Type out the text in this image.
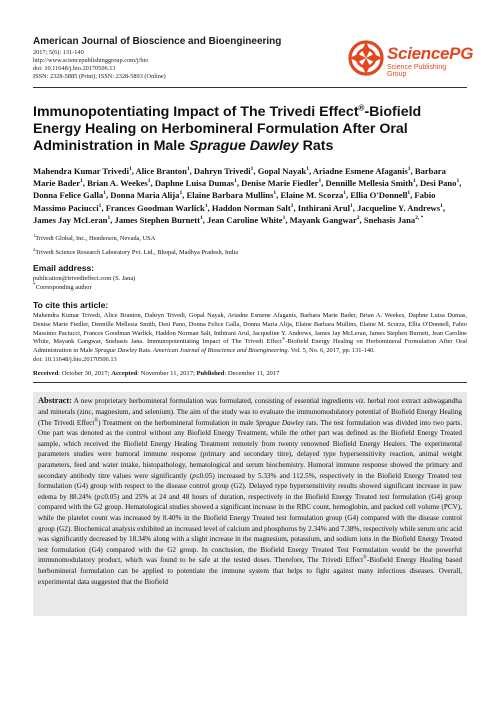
American Journal of Bioscience and Bioengineering
2017; 5(6): 131-140
http://www.sciencepublishinggroup.com/j/bio
doi: 10.11648/j.bio.20170506.13
ISSN: 2328-5885 (Print); ISSN: 2328-5893 (Online)
SciencePG
Science Publishing Group
Immunopotentiating Impact of The Trivedi Effect®-Biofield Energy Healing on Herbomineral Formulation After Oral Administration in Male Sprague Dawley Rats
Mahendra Kumar Trivedi$^1$, Alice Branton$^1$, Dahryn Trivedi$^1$, Gopal Nayak$^1$, Ariadne Esmene Afaganis$^1$, Barbara Marie Bader$^1$, Brian A. Weekes$^1$, Daphne Luisa Dumas$^1$, Denise Marie Fiedler$^1$, Dennille Mellesia Smith$^1$, Desi Pano$^1$, Donna Felice Galla$^1$, Donna Maria Alija$^1$, Elaine Barbara Mullins$^1$, Elaine M. Scorza$^1$, Ellia O'Donnell$^1$, Fabio Massimo Paciucci$^1$, Frances Goodman Warlick$^1$, Haddon Norman Salt$^1$, Inthirani Arul$^1$, Jacqueline Y. Andrews$^1$, James Jay McLeran$^1$, James Stephen Burnett$^1$, Jean Caroline White$^1$, Mayank Gangwar$^2$, Snehasis Jana$^{2, *}$
$^1$Trivedi Global, Inc., Henderson, Nevada, USA
$^2$Trivedi Science Research Laboratory Pvt. Ltd., Bhopal, Madhya Pradesh, India
Email address:
publication@trivedieffect.com (S. Jana)
*Corresponding author
To cite this article:
Mahendra Kumar Trivedi, Alice Branton, Dahryn Trivedi, Gopal Nayak, Ariadne Esmene Afaganis, Barbara Marie Bader, Brian A. Weekes, Daphne Luisa Dumas, Denise Marie Fiedler, Dennille Mellesia Smith, Desi Pano, Donna Felice Galla, Donna Maria Alija, Elaine Barbara Mullins, Elaine M. Scorza, Ellia O'Donnell, Fabio Massimo Paciucci, Frances Goodman Warlick, Haddon Norman Salt, Inthirani Arul, Jacqueline Y. Andrews, James Jay McLeran, James Stephen Burnett, Jean Caroline White, Mayank Gangwar, Snehasis Jana. Immunopotentiating Impact of The Trivedi Effect®-Biofield Energy Healing on Herbomineral Formulation After Oral Administration in Male Sprague Dawley Rats. American Journal of Bioscience and Bioengineering. Vol. 5, No. 6, 2017, pp. 131-140.
doi: 10.11648/j.bio.20170506.13
Received: October 30, 2017; Accepted: November 11, 2017; Published: December 11, 2017
Abstract: A new proprietary herbomineral formulation was formulated, consisting of essential ingredients viz. herbal root extract ashwagandha and minerals (zinc, magnesium, and selenium). The aim of the study was to evaluate the immunomodulatory potential of Biofield Energy Healing (The Trivedi Effect®) Treatment on the herbomineral formulation in male Sprague Dawley rats. The test formulation was divided into two parts. One part was denoted as the control without any Biofield Energy Treatment, while the other part was defined as the Biofield Energy Treated sample, which received the Biofield Energy Healing Treatment remotely from twenty renowned Biofield Energy Healers. The experimental parameters studies were humoral immune response (primary and secondary titre), delayed type hypersensitivity reaction, animal weight parameters, feed and water intake, histopathology, hematological and serum biochemistry. Humoral immune response showed the primary and secondary antibody titre values were significantly (p≤0.05) increased by 5.33% and 112.5%, respectively in the Biofield Energy Treated test formulation (G4) group with respect to the disease control group (G2). Delayed type hypersensitivity results showed significant increase in paw edema by 88.24% (p≤0.05) and 25% at 24 and 48 hours of duration, respectively in the Biofield Energy Treated test formulation (G4) group compared with the G2 group. Hematological studies showed a significant increase in the RBC count, hemoglobin, and packed cell volume (PCV), while the platelet count was increased by 8.40% in the Biofield Energy Treated test formulation group (G4) compared with the disease control group (G2). Biochemical analysis exhibited an increased level of calcium and phosphorus by 2.34% and 7.38%, respectively while serum uric acid was significantly decreased by 18.34% along with a slight increase in the magnesium, potassium, and sodium ions in the Biofield Energy Treated test formulation (G4) compared with the G2 group. In conclusion, the Biofield Energy Treated Test Formulation would be the powerful immunomodulatory product, which was found to be safe at the tested doses. Therefore, The Trivedi Effect®-Biofield Energy Healing based herbomineral formulation can be applied to potentiate the immune system that helps to fight against many infectious diseases. Overall, experimental data suggested that the Biofield
